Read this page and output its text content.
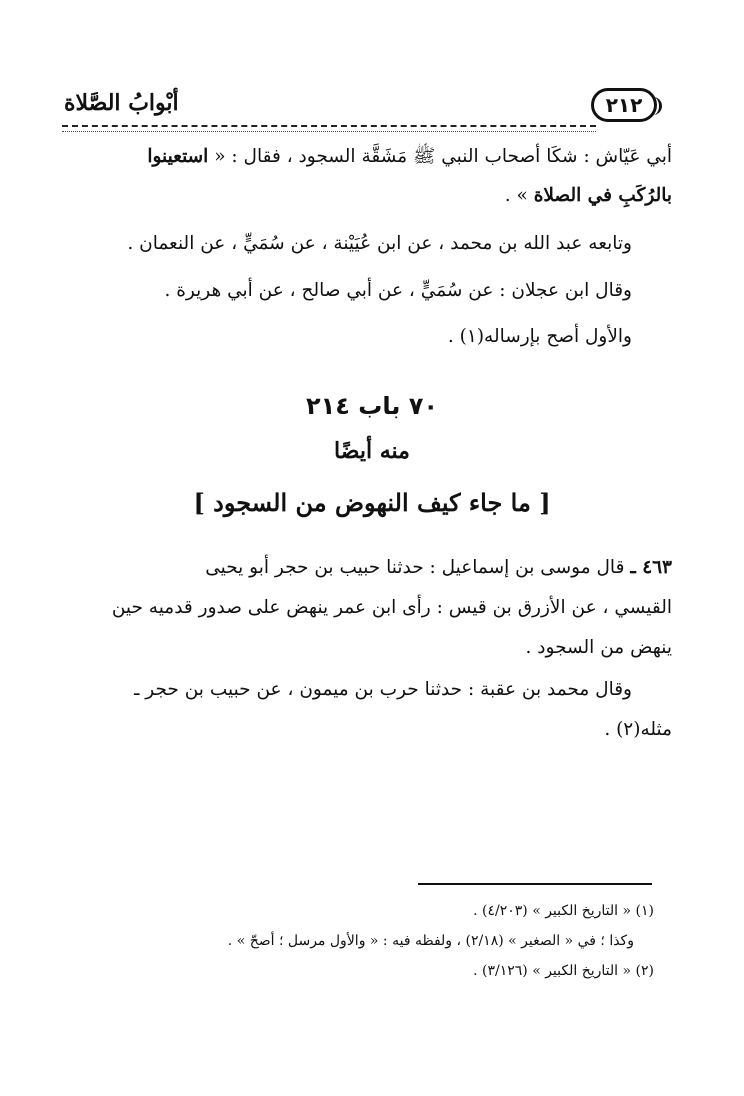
٢١٢
أبْوابُ الصَّلاة
أبي عَيّاش : شكَا أصحاب النبي ﷺ مَشَقَّة السجود ، فقال : « استعينوا
بالرُكَبِ في الصلاة » .
وتابعه عبد الله بن محمد ، عن ابن عُيَيْنة ، عن سُمَيٍّ ، عن النعمان .
وقال ابن عجلان : عن سُمَيٍّ ، عن أبي صالح ، عن أبي هريرة .
والأول أصح بإرساله(١) .
٧٠ باب ٢١٤
منه أيضًا
[ ما جاء كيف النهوض من السجود ]
٤٦٣ ـ قال موسى بن إسماعيل : حدثنا حبيب بن حجر أبو يحيى
القيسي ، عن الأزرق بن قيس : رأى ابن عمر ينهض على صدور قدميه حين
ينهض من السجود .
وقال محمد بن عقبة : حدثنا حرب بن ميمون ، عن حبيب بن حجر ـ
مثله(٢) .
(١) « التاريخ الكبير » (٤/٢٠٣) .
وكذا ؛ في « الصغير » (٢/١٨) ، ولفظه فيه : « والأول مرسل ؛ أصحّ » .
(٢) « التاريخ الكبير » (٣/١٢٦) .
